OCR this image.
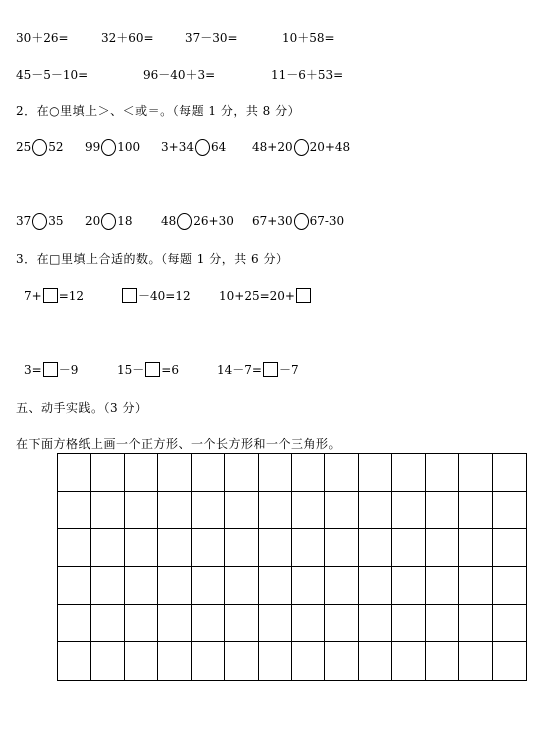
30＋26=	32＋60=	37－30=	10＋58=
45－5－10=	96－40＋3=	11－6＋53=
2．在○里填上＞、＜或＝。（每题 1 分，共 8 分）
25 52 99 100 3+34 64 48+20 20+48
37 35 20 18 48 26+30 67+30 67-30
3．在□里填上合适的数。（每题 1 分，共 6 分）
7+ =12	－40=12 10+25=20+
3= －9	15－ =6	14－7= －7
五、动手实践。（3 分）
在下面方格纸上画一个正方形、一个长方形和一个三角形。
